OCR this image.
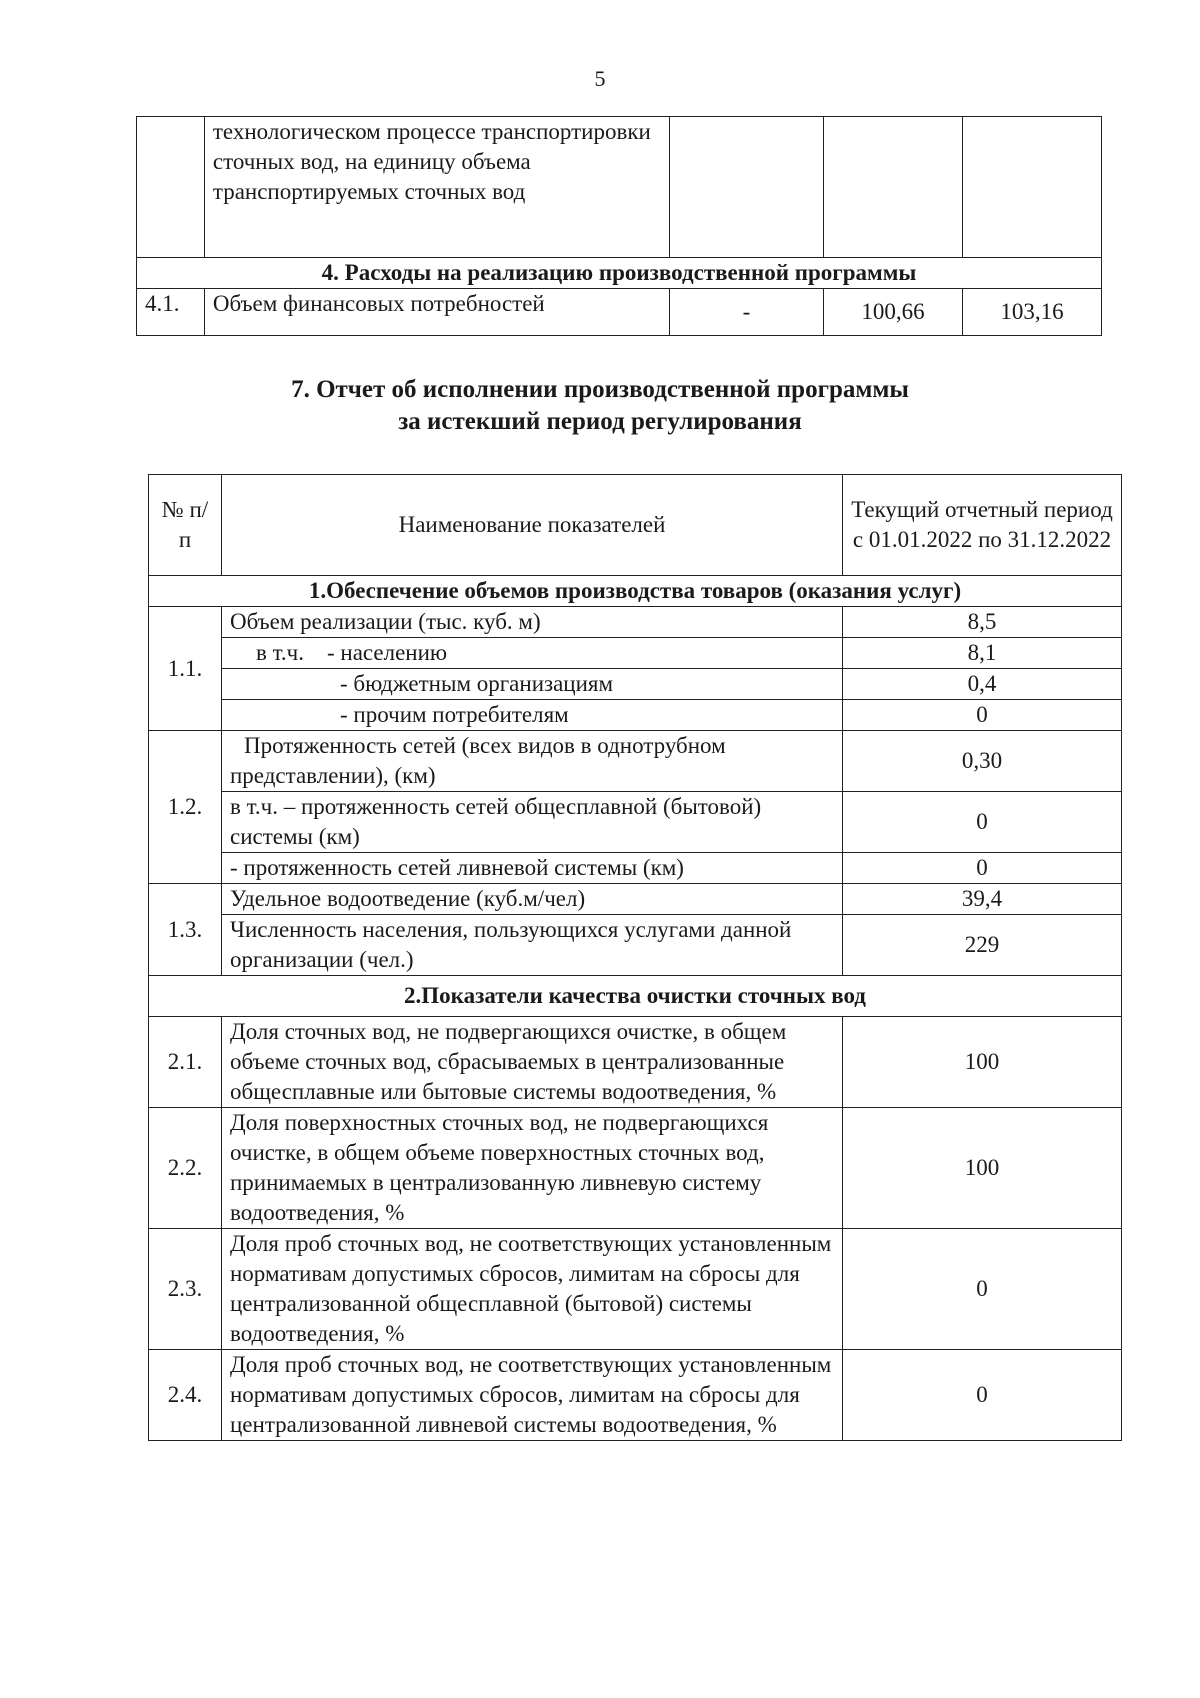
5
	технологическом процессе транспортировки сточных вод, на единицу объема транспортируемых сточных вод			
4. Расходы на реализацию производственной программы				
4.1.	Объем финансовых потребностей	-	100,66	103,16
7. Отчет об исполнении производственной программы
за истекший период регулирования
№ п/п	Наименование показателей	Текущий отчетный период с 01.01.2022 по 31.12.2022
1.Обеспечение объемов производства товаров (оказания услуг)		
1.1.	Объем реализации (тыс. куб. м)	8,5
	в т.ч.    - населению	8,1
	- бюджетным организациям	0,4
	- прочим потребителям	0
1.2.	Протяженность сетей (всех видов в однотрубном представлении), (км)	0,30
	в т.ч. – протяженность сетей общесплавной (бытовой) системы (км)	0
	- протяженность сетей ливневой системы (км)	0
1.3.	Удельное водоотведение (куб.м/чел)	39,4
	Численность населения, пользующихся услугами данной организации (чел.)	229
2.Показатели качества очистки сточных вод		
2.1.	Доля сточных вод, не подвергающихся очистке, в общем объеме сточных вод, сбрасываемых в централизованные общесплавные или бытовые системы водоотведения, %	100
2.2.	Доля поверхностных сточных вод, не подвергающихся очистке, в общем объеме поверхностных сточных вод, принимаемых в централизованную ливневую систему водоотведения, %	100
2.3.	Доля проб сточных вод, не соответствующих установленным нормативам допустимых сбросов, лимитам на сбросы для централизованной общесплавной (бытовой) системы водоотведения, %	0
2.4.	Доля проб сточных вод, не соответствующих установленным нормативам допустимых сбросов, лимитам на сбросы для централизованной ливневой системы водоотведения, %	0
